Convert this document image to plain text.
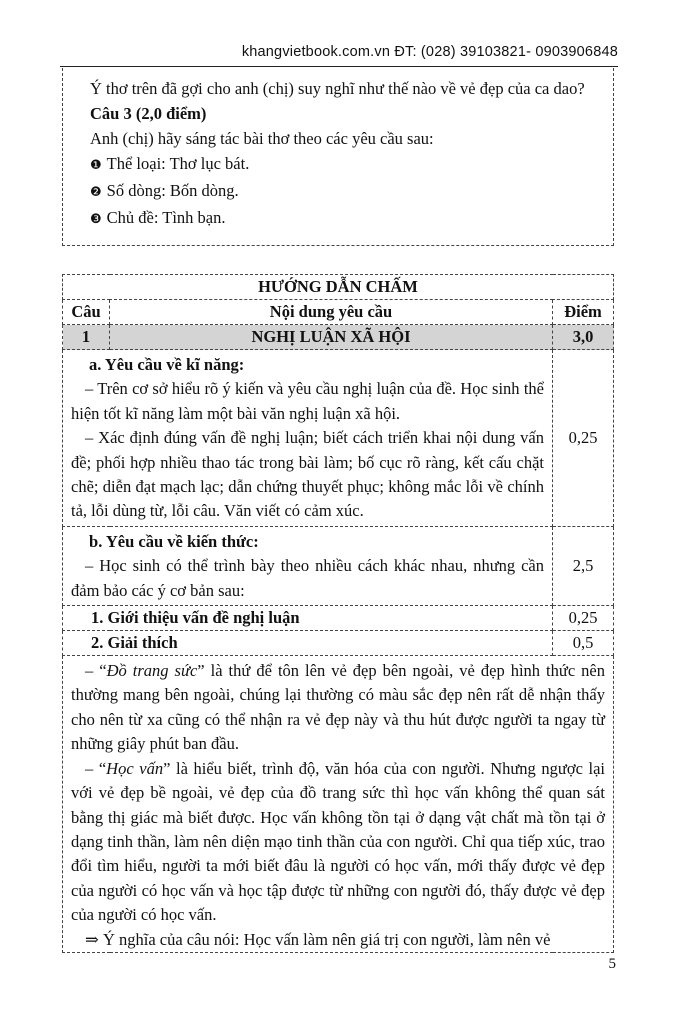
khangvietbook.com.vn ĐT: (028) 39103821- 0903906848

Ý thơ trên đã gợi cho anh (chị) suy nghĩ như thế nào về vẻ đẹp của ca dao?

Câu 3 (2,0 điểm)

Anh (chị) hãy sáng tác bài thơ theo các yêu cầu sau:

❶ Thể loại: Thơ lục bát.

❷ Số dòng: Bốn dòng.

❸ Chủ đề: Tình bạn.

HƯỚNG DẪN CHẤM		
Câu	Nội dung yêu cầu	Điểm
1	NGHỊ LUẬN XÃ HỘI	3,0

a. Yêu cầu về kĩ năng:

– Trên cơ sở hiểu rõ ý kiến và yêu cầu nghị luận của đề. Học sinh thể hiện tốt kĩ năng làm một bài văn nghị luận xã hội.

– Xác định đúng vấn đề nghị luận; biết cách triển khai nội dung vấn đề; phối hợp nhiều thao tác trong bài làm; bố cục rõ ràng, kết cấu chặt chẽ; diễn đạt mạch lạc; dẫn chứng thuyết phục; không mắc lỗi về chính tả, lỗi dùng từ, lỗi câu. Văn viết có cảm xúc.		0,25

b. Yêu cầu về kiến thức:

– Học sinh có thể trình bày theo nhiều cách khác nhau, nhưng cần đảm bảo các ý cơ bản sau:		2,5
1. Giới thiệu vấn đề nghị luận		0,25
2. Giải thích		0,5

– “Đồ trang sức” là thứ để tôn lên vẻ đẹp bên ngoài, vẻ đẹp hình thức nên thường mang bên ngoài, chúng lại thường có màu sắc đẹp nên rất dễ nhận thấy cho nên từ xa cũng có thể nhận ra vẻ đẹp này và thu hút được người ta ngay từ những giây phút ban đầu.

– “Học vấn” là hiểu biết, trình độ, văn hóa của con người. Nhưng ngược lại với vẻ đẹp bề ngoài, vẻ đẹp của đồ trang sức thì học vấn không thể quan sát bằng thị giác mà biết được. Học vấn không tồn tại ở dạng vật chất mà tồn tại ở dạng tinh thần, làm nên diện mạo tinh thần của con người. Chỉ qua tiếp xúc, trao đổi tìm hiểu, người ta mới biết đâu là người có học vấn, mới thấy được vẻ đẹp của người có học vấn và học tập được từ những con người đó, thấy được vẻ đẹp của người có học vấn.

⇒ Ý nghĩa của câu nói: Học vấn làm nên giá trị con người, làm nên vẻ		

5
